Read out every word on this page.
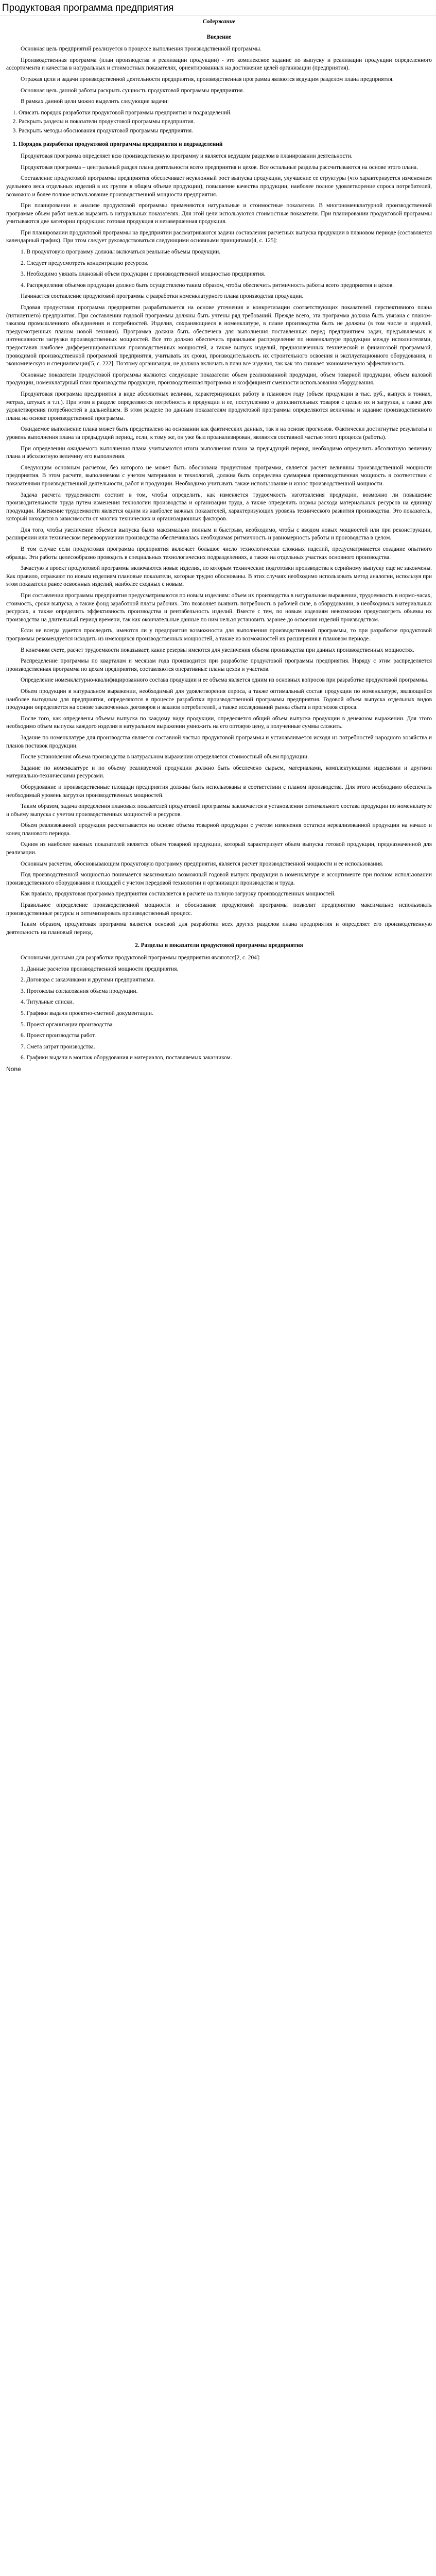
Продуктовая программа предприятия
Содержание
Введение

Основная цель предприятий реализуется в процессе выполнения производственной программы.

Производственная программа (план производства и реализации продукции) - это комплексное задание по выпуску и реализации продукции определенного ассортимента и качества в натуральных и стоимостных показателях, ориентированных на достижение целей организации (предприятия).

Отражая цели и задачи производственной деятельности предприятия, производственная программа являются ведущим разделом плана предприятия.

Основная цель данной работы раскрыть сущность продуктовой программы предприятия.

В рамках данной цели можно выделить следующие задачи:

1. Описать порядок разработки продуктовой программы предприятия и подразделений.
2. Раскрыть разделы и показатели продуктовой программы предприятия.
3. Раскрыть методы обоснования продуктовой программы предприятия.
1. Порядок разработки продуктовой программы предприятия и подразделений

Продуктовая программа определяет всю производственную программу и является ведущим разделом в планировании деятельности.

Продуктовая программа – центральный раздел плана деятельности всего предприятия и цехов. Все остальные разделы рассчитываются на основе этого плана.

Составление продуктовой программы предприятия обеспечивает неуклонный рост выпуска продукции, улучшение ее структуры (что характеризуется изменением удельного веса отдельных изделий в их группе в общем объеме продукции), повышение качества продукции, наиболее полное удовлетворение спроса потребителей, возможно и более полное использование производственной мощности предприятия.

При планировании и анализе продуктовой программы применяются натуральные и стоимостные показатели. В многономенклатурной производственной программе объем работ нельзя выразить в натуральных показателях. Для этой цели используются стоимостные показатели. При планировании продуктовой программы учитываются две категории продукции: готовая продукция и незавершенная продукция.

При планировании продуктовой программы на предприятии рассматриваются задачи составления расчетных выпуска продукции в плановом периоде (составляется календарный график). При этом следует руководствоваться следующими основными принципами[4, с. 125]:

1. В продуктовую программу должны включаться реальные объемы продукции.

2. Следует предусмотреть концентрацию ресурсов.

3. Необходимо увязать плановый объем продукции с производственной мощностью предприятия.

4. Распределение объемов продукции должно быть осуществлено таким образом, чтобы обеспечить ритмичность работы всего предприятия и цехов.

Начинается составление продуктовой программы с разработки номенклатурного плана производства продукции.

Годовая продуктовая программа предприятия разрабатывается на основе уточнения и конкретизации соответствующих показателей перспективного плана (пятилетнего) предприятия. При составлении годовой программы должны быть учтены ряд требований. Прежде всего, эта программа должна быть увязана с планом-заказом промышленного объединения и потребностей. Изделия, сохраняющиеся в номенклатуре, в плане производства быть не должны (в том числе и изделий, предусмотренных планом новой техники). Программа должна быть обеспечена для выполнения поставленных перед предприятием задач, предъявляемых к интенсивности загрузки производственных мощностей. Все это должно обеспечить правильное распределение по номенклатуре продукции между исполнителями, предоставив наиболее дифференцированными производственных мощностей, а также выпуск изделий, предназначенных технической и финансовой программой, проводимой производственной программой предприятия, учитывать их сроки, производительность их строительного освоения и эксплуатационного оборудования, и экономическую и специализации[5, с. 222]. Поэтому организация, не должна включать в план все изделия, так как это снижает экономическую эффективность.

Основные показатели продуктовой программы являются следующие показатели: объем реализованной продукции, объем товарной продукции, объем валовой продукции, номенклатурный план производства продукции, производственная программа и коэффициент сменности использования оборудования.

Продуктовая программа предприятия в виде абсолютных величин, характеризующих работу в плановом году (объем продукции в тыс. руб., выпуск в тоннах, метрах, штуках и т.п.). При этом в разделе определяются потребность в продукции и ее, поступлению о дополнительных товаров с целью их и загрузки, а также для удовлетворения потребностей в дальнейшем. В этом разделе по данным показателям продуктовой программы определяются величины и задание производственного плана на основе производственной программы.

Ожидаемое выполнение плана может быть представлено на основании как фактических данных, так и на основе прогнозов. Фактически достигнутые результаты и уровень выполнения плана за предыдущий период, если, к тому же, он уже был проанализирован, являются составной частью этого процесса (работы).

При определении ожидаемого выполнения плана учитываются итоги выполнения плана за предыдущий период, необходимо определить абсолютную величину плана и абсолютную величину его выполнения.

Следующим основным расчетом, без которого не может быть обоснована продуктовая программа, является расчет величины производственной мощности предприятия. В этом расчете, выполняемом с учетом материалов и технологий, должна быть определена суммарная производственная мощность в соответствии с показателями производственной деятельности, работ и продукции. Необходимо учитывать также использование и износ производственной мощности.

Задача расчета трудоемкости состоит в том, чтобы определить, как изменяется трудоемкость изготовления продукции, возможно ли повышение производительности труда путем изменения технологии производства и организации труда, а также определить нормы расхода материальных ресурсов на единицу продукции. Изменение трудоемкости является одним из наиболее важных показателей, характеризующих уровень технического развития производства. Это показатель, который находится в зависимости от многих технических и организационных факторов.

Для того, чтобы увеличение объемов выпуска было максимально полным и быстрым, необходимо, чтобы с вводом новых мощностей или при реконструкции, расширении или техническом перевооружении производства обеспечивалась необходимая ритмичность и равномерность работы и производства в целом.

В том случае если продуктовая программа предприятия включает большое число технологически сложных изделий, предусматривается создание опытного образца. Эти работы целесообразно проводить в специальных технологических подразделениях, а также на отдельных участках основного производства.

Зачастую в проект продуктовой программы включаются новые изделия, по которым технические подготовки производства к серийному выпуску еще не закончены. Как правило, отражают по новым изделиям плановые показатели, которые трудно обоснованы. В этих случаях необходимо использовать метод аналогии, используя при этом показатели ранее освоенных изделий, наиболее сходных с новым.

При составлении программы предприятия предусматриваются по новым изделиям: объем их производства в натуральном выражении, трудоемкость в нормо-часах, стоимость, сроки выпуска, а также фонд заработной платы рабочих. Это позволяет выявить потребность в рабочей силе, в оборудовании, в необходимых материальных ресурсах, а также определить эффективность производства и рентабельность изделий. Вместе с тем, по новым изделиям невозможно предусмотреть объемы их производства на длительный период времени, так как окончательные данные по ним нельзя установить заранее до освоения изделий производством.

Если не всегда удается проследить, имеются ли у предприятия возможности для выполнения производственной программы, то при разработке продуктовой программы рекомендуется исходить из имеющихся производственных мощностей, а также из возможностей их расширения в плановом периоде.

В конечном счете, расчет трудоемкости показывает, какие резервы имеются для увеличения объема производства при данных производственных мощностях.

Распределение программы по кварталам и месяцам года производится при разработке продуктовой программы предприятия. Наряду с этим распределяется производственная программа по цехам предприятия, составляются оперативные планы цехов и участков.

Определение номенклатурно-квалифицированного состава продукции и ее объема является одним из основных вопросов при разработке продуктовой программы.

Объем продукции в натуральном выражении, необходимый для удовлетворения спроса, а также оптимальный состав продукции по номенклатуре, являющийся наиболее выгодным для предприятия, определяются в процессе разработки производственной программы предприятия. Годовой объем выпуска отдельных видов продукции определяется на основе заключенных договоров и заказов потребителей, а также исследований рынка сбыта и прогнозов спроса.

После того, как определены объемы выпуска по каждому виду продукции, определяется общий объем выпуска продукции в денежном выражении. Для этого необходимо объем выпуска каждого изделия в натуральном выражении умножить на его оптовую цену, а полученные суммы сложить.

Задание по номенклатуре для производства является составной частью продуктовой программы и устанавливается исходя из потребностей народного хозяйства и планов поставок продукции.

После установления объема производства в натуральном выражении определяется стоимостный объем продукции.

Задание по номенклатуре и по объему реализуемой продукции должно быть обеспечено сырьем, материалами, комплектующими изделиями и другими материально-техническими ресурсами.

Оборудование и производственные площади предприятия должны быть использованы в соответствии с планом производства. Для этого необходимо обеспечить необходимый уровень загрузки производственных мощностей.

Таким образом, задача определения плановых показателей продуктовой программы заключается в установлении оптимального состава продукции по номенклатуре и объему выпуска с учетом производственных мощностей и ресурсов.

Объем реализованной продукции рассчитывается на основе объема товарной продукции с учетом изменения остатков нереализованной продукции на начало и конец планового периода.

Одним из наиболее важных показателей является объем товарной продукции, который характеризует объем выпуска готовой продукции, предназначенной для реализации.

Основным расчетом, обосновывающим продуктовую программу предприятия, является расчет производственной мощности и ее использования.

Под производственной мощностью понимается максимально возможный годовой выпуск продукции в номенклатуре и ассортименте при полном использовании производственного оборудования и площадей с учетом передовой технологии и организации производства и труда.

Как правило, продуктовая программа предприятия составляется в расчете на полную загрузку производственных мощностей.

Правильное определение производственной мощности и обоснование продуктовой программы позволит предприятию максимально использовать производственные ресурсы и оптимизировать производственный процесс.

Таким образом, продуктовая программа является основой для разработки всех других разделов плана предприятия и определяет его производственную деятельность на плановый период.

2. Разделы и показатели продуктовой программы предприятия

Основными данными для разработки продуктовой программы предприятия являются[2, с. 204]:

1. Данные расчетов производственной мощности предприятия.

2. Договора с заказчиками и другими предприятиями.

3. Протоколы согласования объема продукции.

4. Титульные списки.

5. Графики выдачи проектно-сметной документации.

5. Проект организации производства.

6. Проект производства работ.

7. Смета затрат производства.

6. Графики выдачи в монтаж оборудования и материалов, поставляемых заказчиком.

None
